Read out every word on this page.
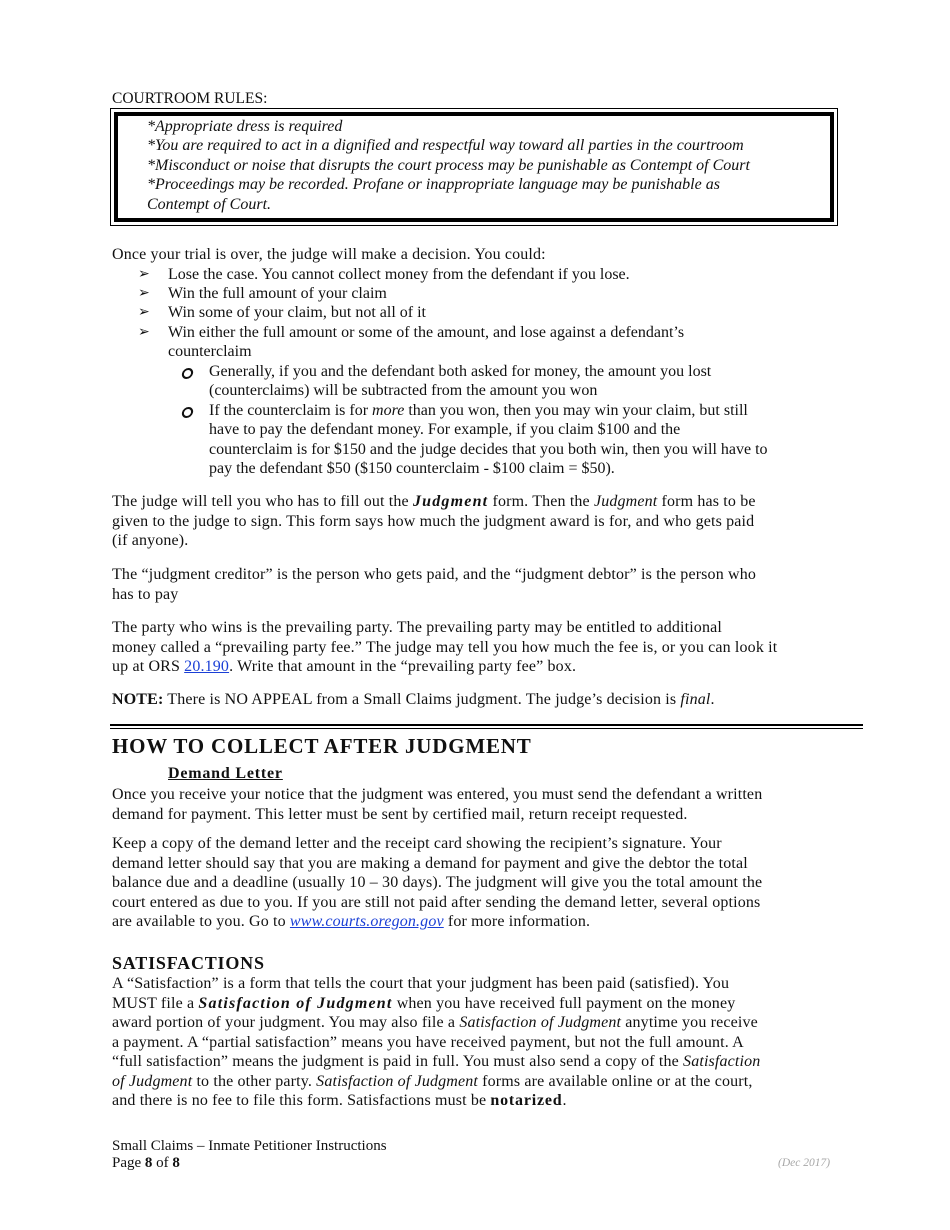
COURTROOM RULES:
*Appropriate dress is required
*You are required to act in a dignified and respectful way toward all parties in the courtroom
*Misconduct or noise that disrupts the court process may be punishable as Contempt of Court
*Proceedings may be recorded. Profane or inappropriate language may be punishable as
Contempt of Court.
Once your trial is over, the judge will make a decision. You could:
➢ Lose the case. You cannot collect money from the defendant if you lose.
➢ Win the full amount of your claim
➢ Win some of your claim, but not all of it
➢ Win either the full amount or some of the amount, and lose against a defendant’s
counterclaim
Generally, if you and the defendant both asked for money, the amount you lost
(counterclaims) will be subtracted from the amount you won
If the counterclaim is for more than you won, then you may win your claim, but still
have to pay the defendant money. For example, if you claim $100 and the
counterclaim is for $150 and the judge decides that you both win, then you will have to
pay the defendant $50 ($150 counterclaim - $100 claim = $50).
The judge will tell you who has to fill out the Judgment form. Then the Judgment form has to be
given to the judge to sign. This form says how much the judgment award is for, and who gets paid
(if anyone).
The “judgment creditor” is the person who gets paid, and the “judgment debtor” is the person who
has to pay
The party who wins is the prevailing party. The prevailing party may be entitled to additional
money called a “prevailing party fee.” The judge may tell you how much the fee is, or you can look it
up at ORS 20.190. Write that amount in the “prevailing party fee” box.
NOTE: There is NO APPEAL from a Small Claims judgment. The judge’s decision is final.
HOW TO COLLECT AFTER JUDGMENT
Demand Letter
Once you receive your notice that the judgment was entered, you must send the defendant a written
demand for payment. This letter must be sent by certified mail, return receipt requested.
Keep a copy of the demand letter and the receipt card showing the recipient’s signature. Your
demand letter should say that you are making a demand for payment and give the debtor the total
balance due and a deadline (usually 10 – 30 days). The judgment will give you the total amount the
court entered as due to you. If you are still not paid after sending the demand letter, several options
are available to you. Go to www.courts.oregon.gov for more information.
SATISFACTIONS
A “Satisfaction” is a form that tells the court that your judgment has been paid (satisfied). You
MUST file a Satisfaction of Judgment when you have received full payment on the money
award portion of your judgment. You may also file a Satisfaction of Judgment anytime you receive
a payment. A “partial satisfaction” means you have received payment, but not the full amount. A
“full satisfaction” means the judgment is paid in full. You must also send a copy of the Satisfaction
of Judgment to the other party. Satisfaction of Judgment forms are available online or at the court,
and there is no fee to file this form. Satisfactions must be notarized.
Small Claims – Inmate Petitioner Instructions
Page 8 of 8	(Dec 2017)
